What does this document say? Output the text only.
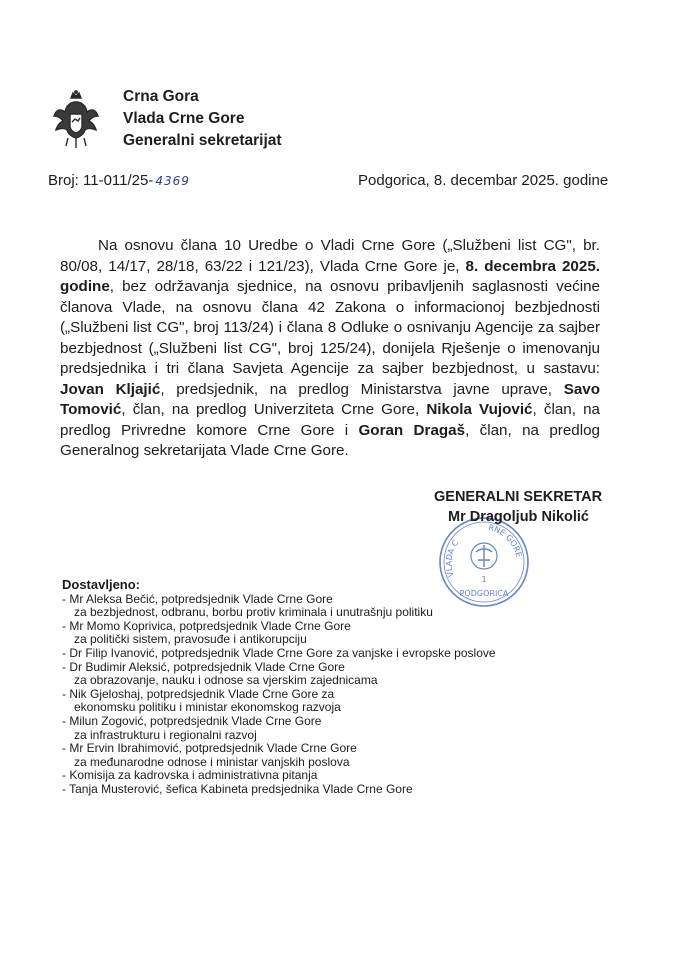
Crna Gora
Vlada Crne Gore
Generalni sekretarijat
Broj: 11-011/25- 4369	Podgorica, 8. decembar 2025. godine

Na osnovu člana 10 Uredbe o Vladi Crne Gore („Službeni list CG", br. 80/08, 14/17, 28/18, 63/22 i 121/23), Vlada Crne Gore je, 8. decembra 2025. godine, bez održavanja sjednice, na osnovu pribavljenih saglasnosti većine članova Vlade, na osnovu člana 42 Zakona o informacionoj bezbjednosti („Službeni list CG", broj 113/24) i člana 8 Odluke o osnivanju Agencije za sajber bezbjednost („Službeni list CG", broj 125/24), donijela Rješenje o imenovanju predsjednika i tri člana Savjeta Agencije za sajber bezbjednost, u sastavu: Jovan Kljajić, predsjednik, na predlog Ministarstva javne uprave, Savo Tomović, član, na predlog Univerziteta Crne Gore, Nikola Vujović, član, na predlog Privredne komore Crne Gore i Goran Dragaš, član, na predlog Generalnog sekretarijata Vlade Crne Gore.

VLADA C
RNE GORE
1
PODGORICA
GENERALNI SEKRETAR
Mr Dragoljub Nikolić
Dostavljeno:
- Mr Aleksa Bečić, potpredsjednik Vlade Crne Gore
za bezbjednost, odbranu, borbu protiv kriminala i unutrašnju politiku
- Mr Momo Koprivica, potpredsjednik Vlade Crne Gore
za politički sistem, pravosuđe i antikorupciju
- Dr Filip Ivanović, potpredsjednik Vlade Crne Gore za vanjske i evropske poslove
- Dr Budimir Aleksić, potpredsjednik Vlade Crne Gore
za obrazovanje, nauku i odnose sa vjerskim zajednicama
- Nik Gjeloshaj, potpredsjednik Vlade Crne Gore za
ekonomsku politiku i ministar ekonomskog razvoja
- Milun Zogović, potpredsjednik Vlade Crne Gore
za infrastrukturu i regionalni razvoj
- Mr Ervin Ibrahimović, potpredsjednik Vlade Crne Gore
za međunarodne odnose i ministar vanjskih poslova
- Komisija za kadrovska i administrativna pitanja
- Tanja Musterović, šefica Kabineta predsjednika Vlade Crne Gore
